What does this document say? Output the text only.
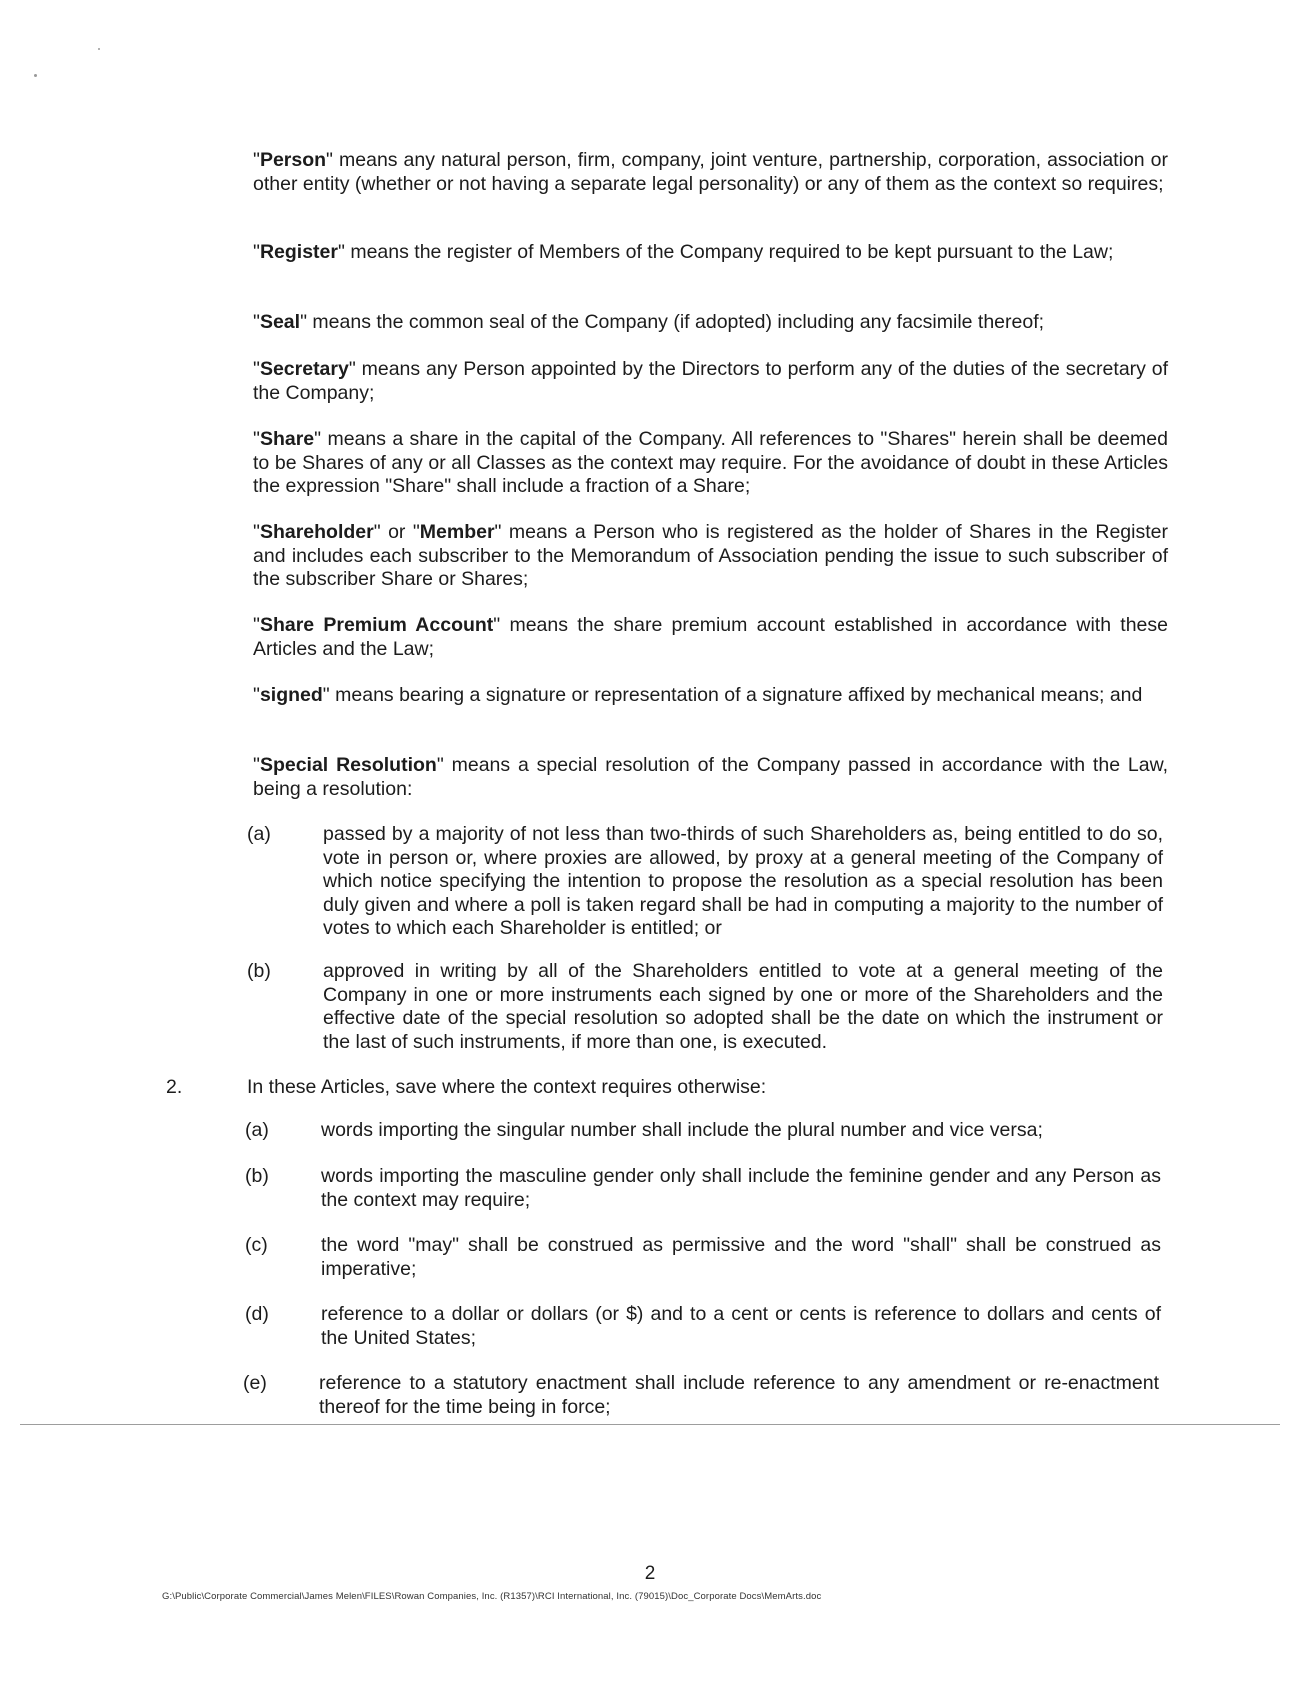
"Person" means any natural person, firm, company, joint venture, partnership, corporation, association or other entity (whether or not having a separate legal personality) or any of them as the context so requires;
"Register" means the register of Members of the Company required to be kept pursuant to the Law;
"Seal" means the common seal of the Company (if adopted) including any facsimile thereof;
"Secretary" means any Person appointed by the Directors to perform any of the duties of the secretary of the Company;
"Share" means a share in the capital of the Company. All references to "Shares" herein shall be deemed to be Shares of any or all Classes as the context may require. For the avoidance of doubt in these Articles the expression "Share" shall include a fraction of a Share;
"Shareholder" or "Member" means a Person who is registered as the holder of Shares in the Register and includes each subscriber to the Memorandum of Association pending the issue to such subscriber of the subscriber Share or Shares;
"Share Premium Account" means the share premium account established in accordance with these Articles and the Law;
"signed" means bearing a signature or representation of a signature affixed by mechanical means; and
"Special Resolution" means a special resolution of the Company passed in accordance with the Law, being a resolution:
(a)	passed by a majority of not less than two-thirds of such Shareholders as, being entitled to do so, vote in person or, where proxies are allowed, by proxy at a general meeting of the Company of which notice specifying the intention to propose the resolution as a special resolution has been duly given and where a poll is taken regard shall be had in computing a majority to the number of votes to which each Shareholder is entitled; or
(b)	approved in writing by all of the Shareholders entitled to vote at a general meeting of the Company in one or more instruments each signed by one or more of the Shareholders and the effective date of the special resolution so adopted shall be the date on which the instrument or the last of such instruments, if more than one, is executed.
2.	In these Articles, save where the context requires otherwise:
(a)	words importing the singular number shall include the plural number and vice versa;
(b)	words importing the masculine gender only shall include the feminine gender and any Person as the context may require;
(c)	the word "may" shall be construed as permissive and the word "shall" shall be construed as imperative;
(d)	reference to a dollar or dollars (or $) and to a cent or cents is reference to dollars and cents of the United States;
(e)	reference to a statutory enactment shall include reference to any amendment or re-enactment thereof for the time being in force;
2
G:\Public\Corporate Commercial\James Melen\FILES\Rowan Companies, Inc. (R1357)\RCI International, Inc. (79015)\Doc_Corporate Docs\MemArts.doc
